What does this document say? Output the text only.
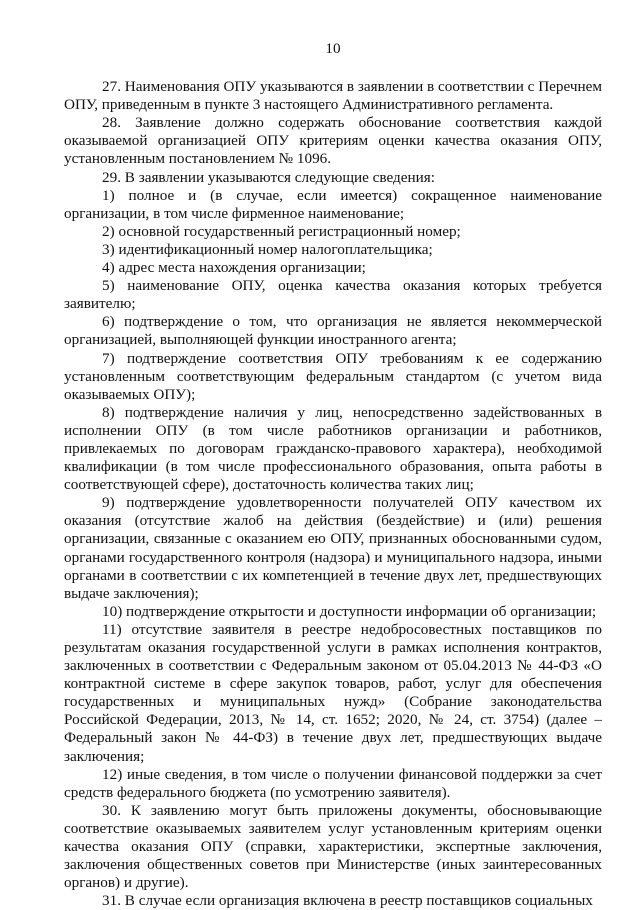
10

27. Наименования ОПУ указываются в заявлении в соответствии с Перечнем ОПУ, приведенным в пункте 3 настоящего Административного регламента.

28. Заявление должно содержать обоснование соответствия каждой оказываемой организацией ОПУ критериям оценки качества оказания ОПУ, установленным постановлением № 1096.

29. В заявлении указываются следующие сведения:

1) полное и (в случае, если имеется) сокращенное наименование организации, в том числе фирменное наименование;

2) основной государственный регистрационный номер;

3) идентификационный номер налогоплательщика;

4) адрес места нахождения организации;

5) наименование ОПУ, оценка качества оказания которых требуется заявителю;

6) подтверждение о том, что организация не является некоммерческой организацией, выполняющей функции иностранного агента;

7) подтверждение соответствия ОПУ требованиям к ее содержанию установленным соответствующим федеральным стандартом (с учетом вида оказываемых ОПУ);

8) подтверждение наличия у лиц, непосредственно задействованных в исполнении ОПУ (в том числе работников организации и работников, привлекаемых по договорам гражданско-правового характера), необходимой квалификации (в том числе профессионального образования, опыта работы в соответствующей сфере), достаточность количества таких лиц;

9) подтверждение удовлетворенности получателей ОПУ качеством их оказания (отсутствие жалоб на действия (бездействие) и (или) решения организации, связанные с оказанием ею ОПУ, признанных обоснованными судом, органами государственного контроля (надзора) и муниципального надзора, иными органами в соответствии с их компетенцией в течение двух лет, предшествующих выдаче заключения);

10) подтверждение открытости и доступности информации об организации;

11) отсутствие заявителя в реестре недобросовестных поставщиков по результатам оказания государственной услуги в рамках исполнения контрактов, заключенных в соответствии с Федеральным законом от 05.04.2013 № 44-ФЗ «О контрактной системе в сфере закупок товаров, работ, услуг для обеспечения государственных и муниципальных нужд» (Собрание законодательства Российской Федерации, 2013, № 14, ст. 1652; 2020, № 24, ст. 3754) (далее – Федеральный закон № 44-ФЗ) в течение двух лет, предшествующих выдаче заключения;

12) иные сведения, в том числе о получении финансовой поддержки за счет средств федерального бюджета (по усмотрению заявителя).

30. К заявлению могут быть приложены документы, обосновывающие соответствие оказываемых заявителем услуг установленным критериям оценки качества оказания ОПУ (справки, характеристики, экспертные заключения, заключения общественных советов при Министерстве (иных заинтересованных органов) и другие).

31. В случае если организация включена в реестр поставщиков социальных
